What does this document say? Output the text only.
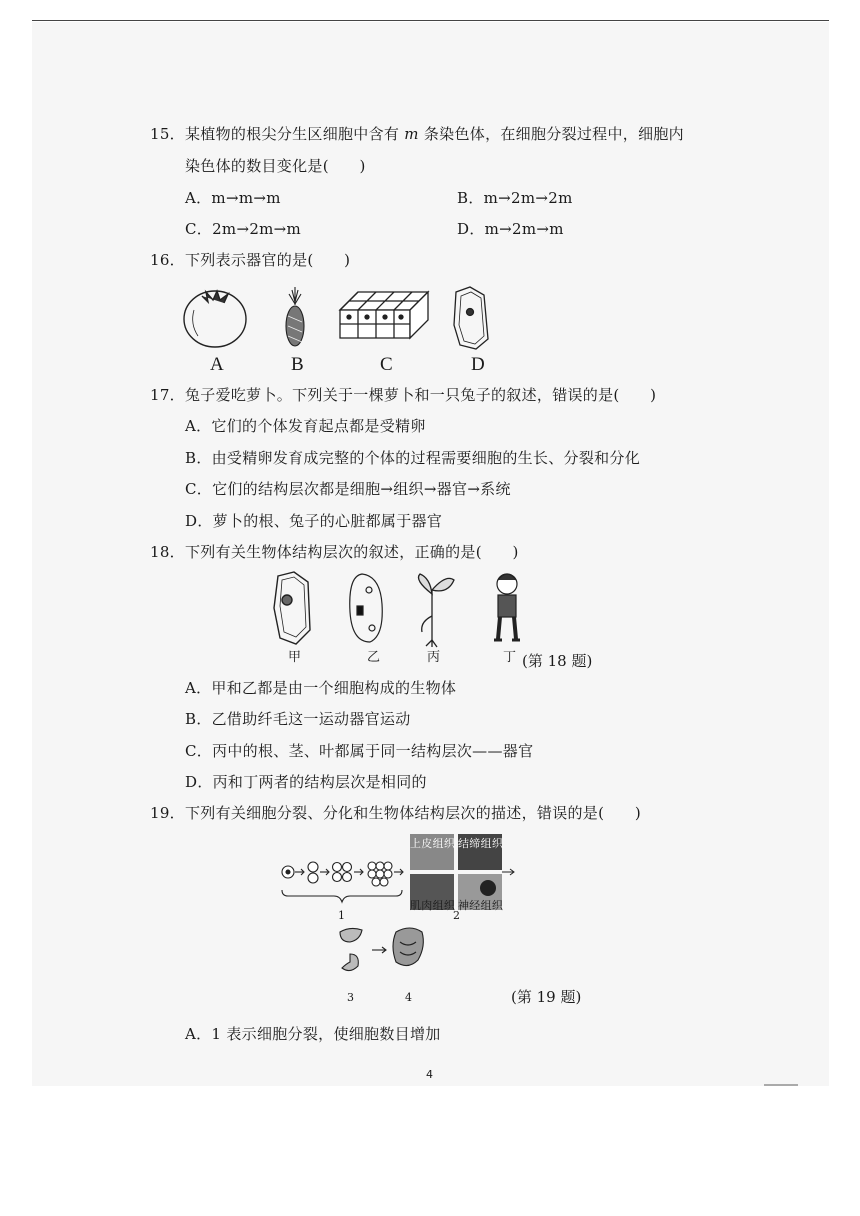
15．某植物的根尖分生区细胞中含有 m 条染色体，在细胞分裂过程中，细胞内
染色体的数目变化是(　　)
A．m→m→m	B．m→2m→2m
C．2m→2m→m	D．m→2m→m
16．下列表示器官的是(　　)
A	B	C	D
17．兔子爱吃萝卜。下列关于一棵萝卜和一只兔子的叙述，错误的是(　　)
A．它们的个体发育起点都是受精卵
B．由受精卵发育成完整的个体的过程需要细胞的生长、分裂和分化
C．它们的结构层次都是细胞→组织→器官→系统
D．萝卜的根、兔子的心脏都属于器官
18．下列有关生物体结构层次的叙述，正确的是(　　)
甲	乙	丙	丁 (第 18 题)
A．甲和乙都是由一个细胞构成的生物体
B．乙借助纤毛这一运动器官运动
C．丙中的根、茎、叶都属于同一结构层次——器官
D．丙和丁两者的结构层次是相同的
19．下列有关细胞分裂、分化和生物体结构层次的描述，错误的是(　　)
上皮组织 结缔组织
肌肉组织 神经组织
1	2
3	4	(第 19 题)
A．1 表示细胞分裂，使细胞数目增加
4
